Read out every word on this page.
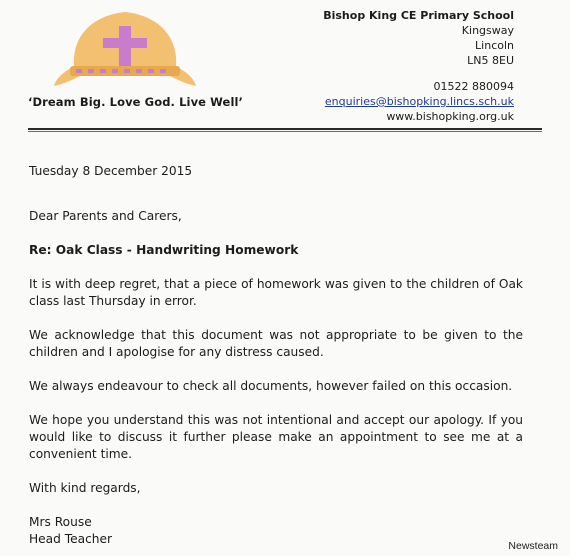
‘Dream Big. Love God. Live Well’
Bishop King CE Primary School
Kingsway
Lincoln
LN5 8EU
01522 880094
enquiries@bishopking.lincs.sch.uk
www.bishopking.org.uk

Tuesday 8 December 2015

Dear Parents and Carers,

Re: Oak Class - Handwriting Homework

It is with deep regret, that a piece of homework was given to the children of Oak class last Thursday in error.

We acknowledge that this document was not appropriate to be given to the children and I apologise for any distress caused.

We always endeavour to check all documents, however failed on this occasion.

We hope you understand this was not intentional and accept our apology. If you would like to discuss it further please make an appointment to see me at a convenient time.

With kind regards,

Mrs Rouse

Head Teacher	Newsteam
